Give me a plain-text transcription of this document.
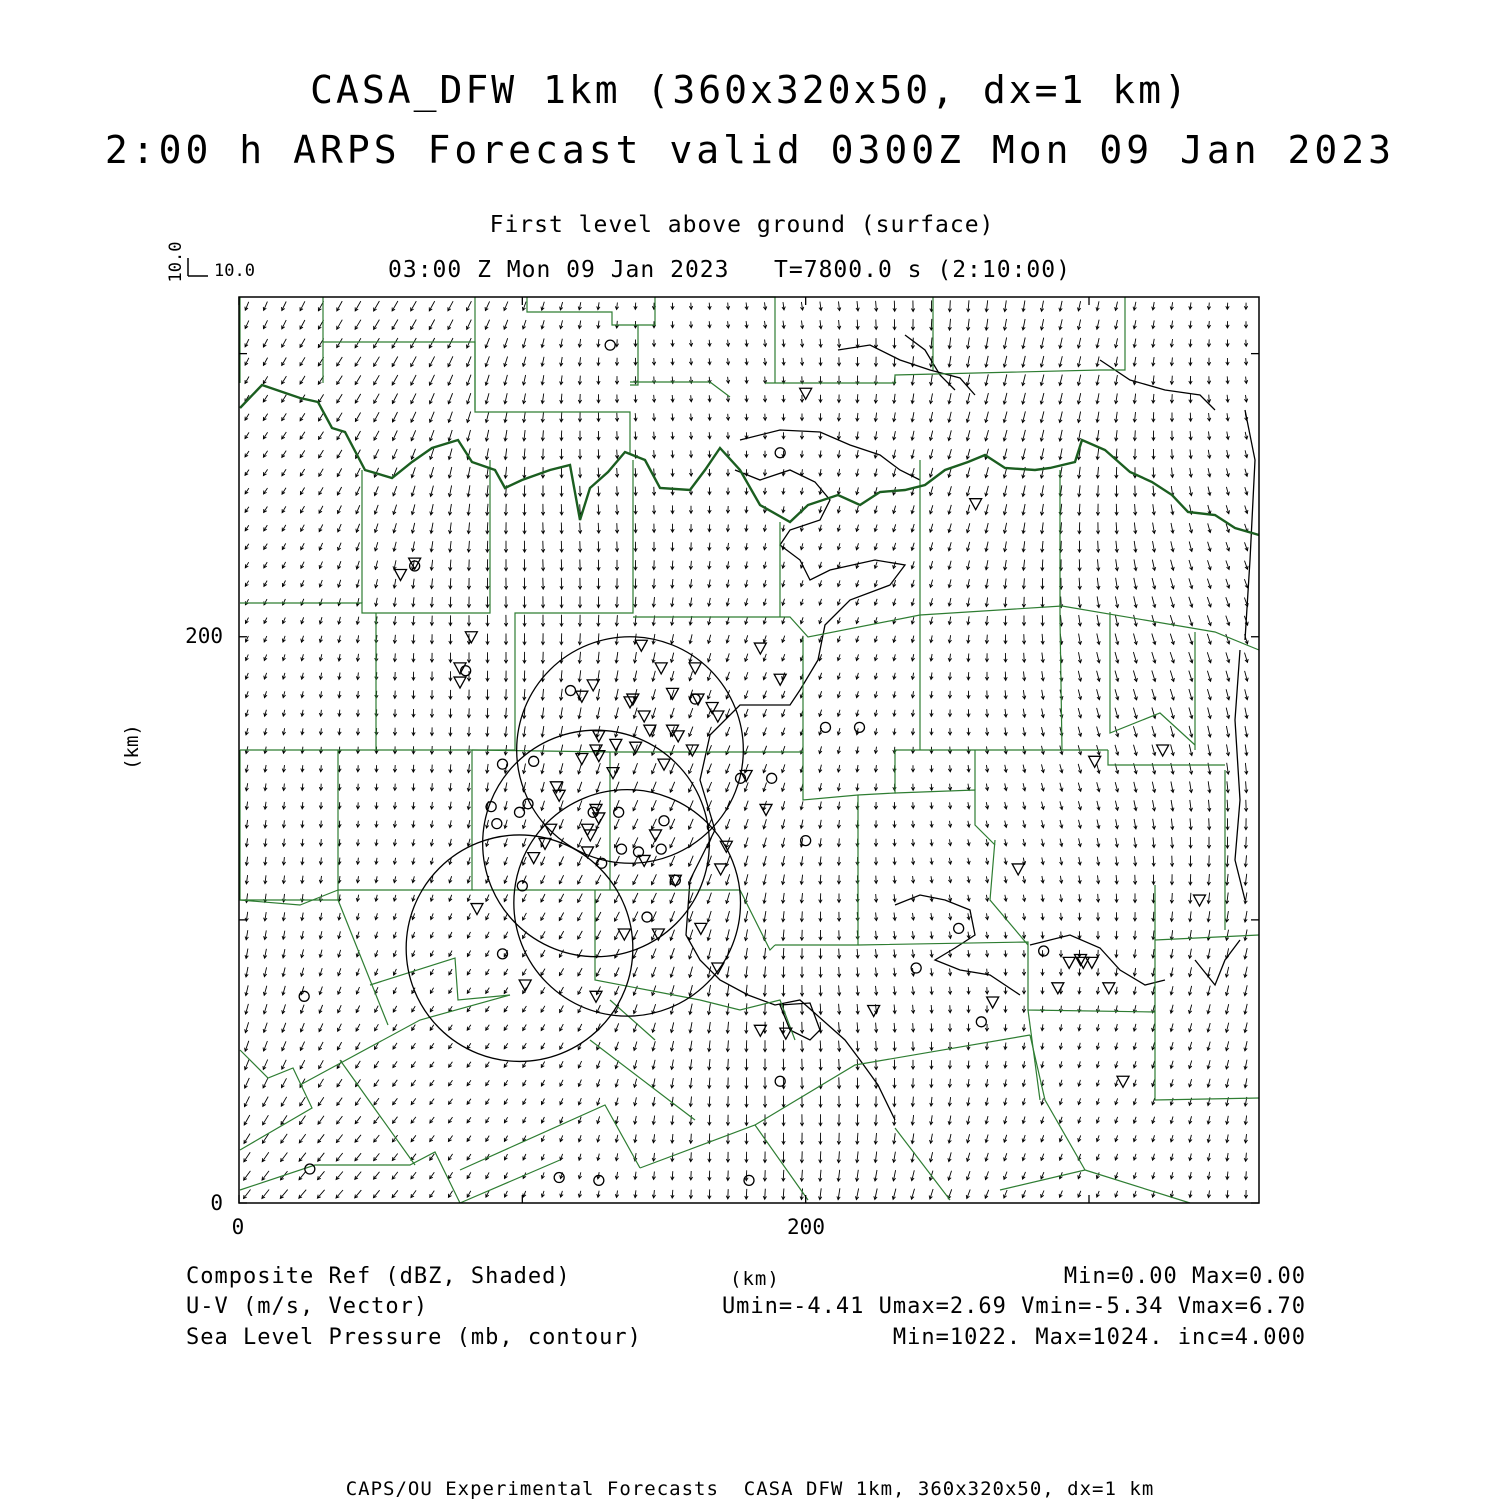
CASA_DFW 1km (360x320x50, dx=1 km)
2:00 h ARPS Forecast valid 0300Z Mon 09 Jan 2023
First level above ground (surface)
03:00 Z Mon 09 Jan 2023   T=7800.0 s (2:10:00)
10.0 10.0
0	200
0
200
(km)
Composite Ref (dBZ, Shaded)	(km)	Min=0.00 Max=0.00
U-V (m/s, Vector)	Umin=-4.41 Umax=2.69 Vmin=-5.34 Vmax=6.70
Sea Level Pressure (mb, contour)	Min=1022. Max=1024. inc=4.000
CAPS/OU Experimental Forecasts  CASA DFW 1km, 360x320x50, dx=1 km
